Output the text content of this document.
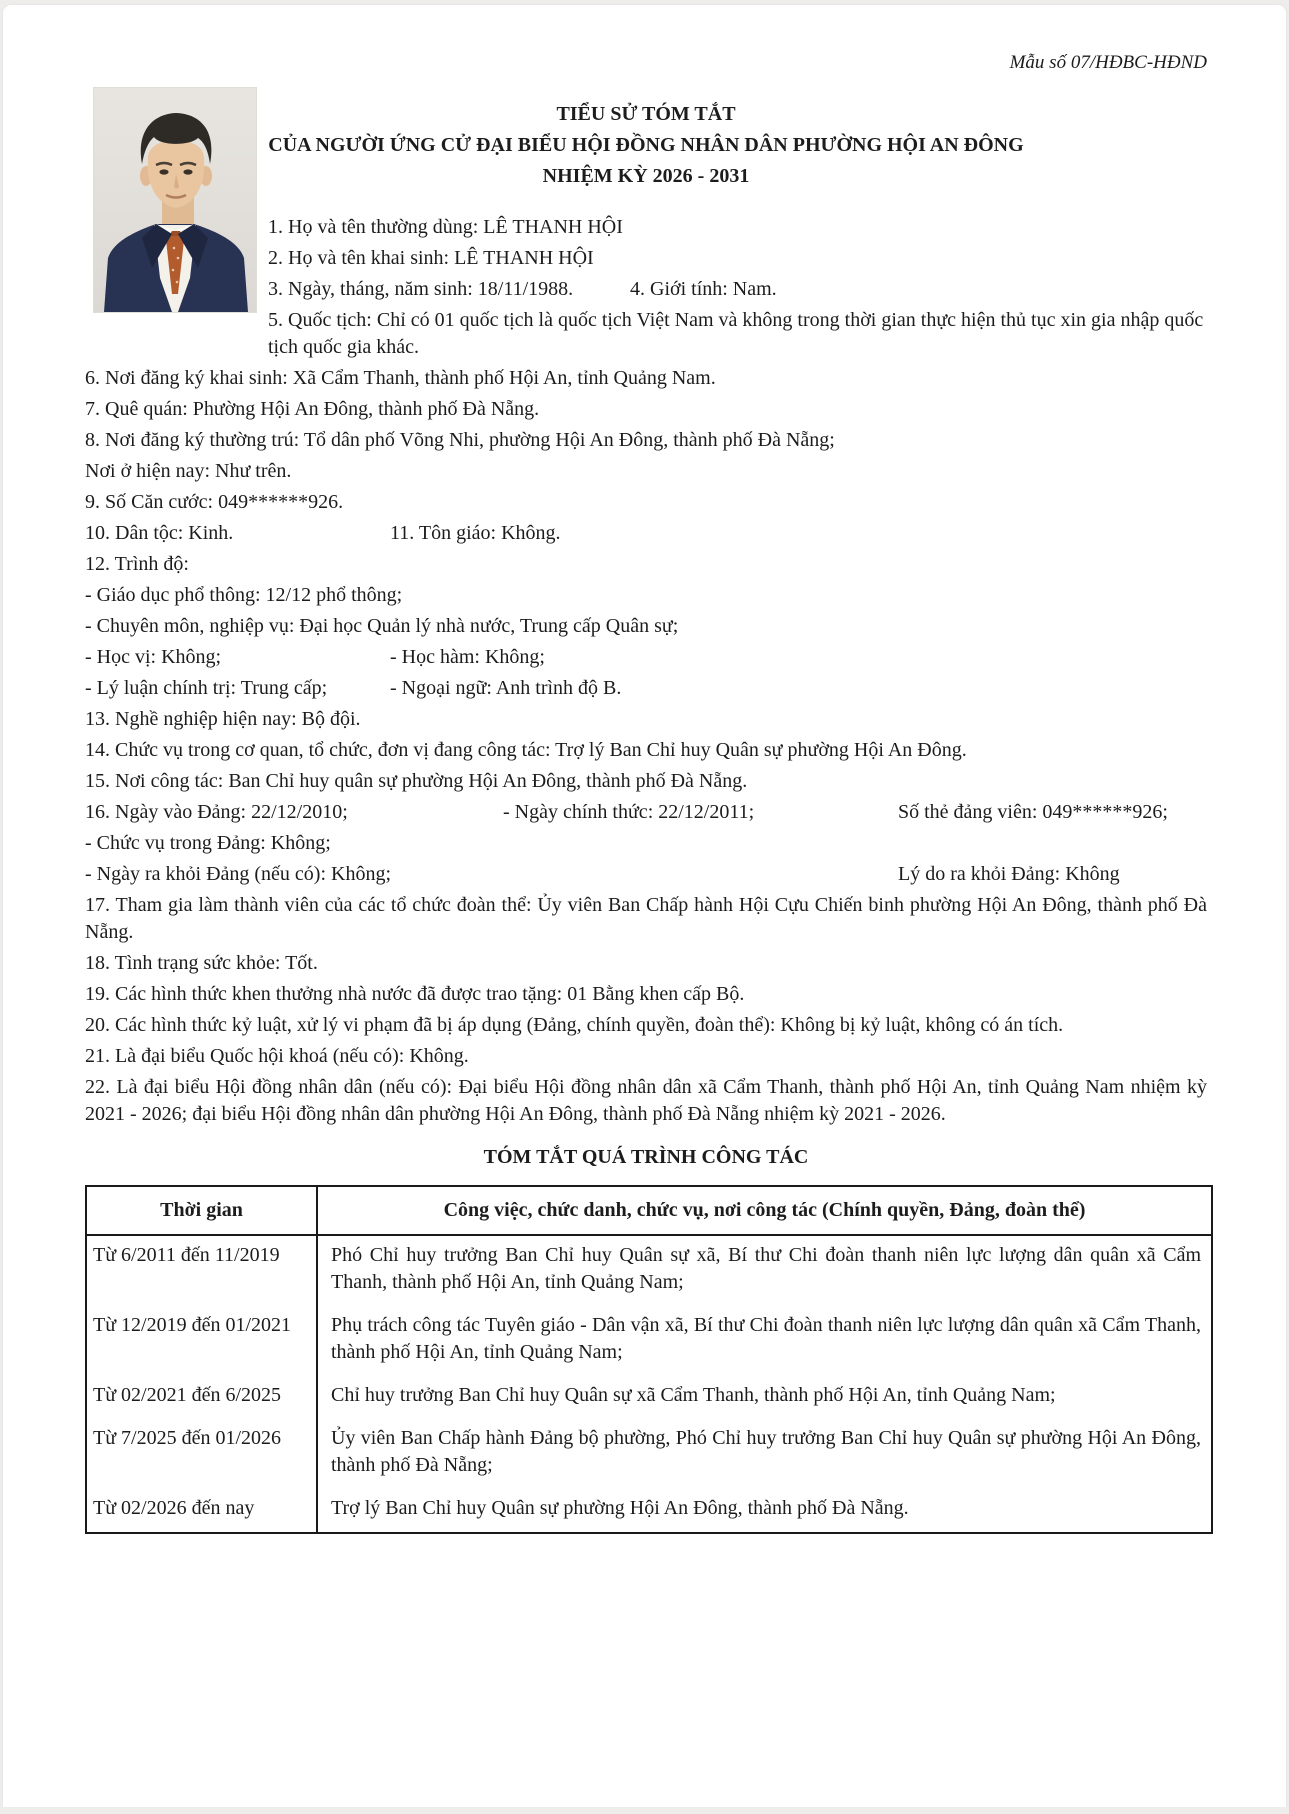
Mẫu số 07/HĐBC-HĐND
TIỂU SỬ TÓM TẮT
CỦA NGƯỜI ỨNG CỬ ĐẠI BIỂU HỘI ĐỒNG NHÂN DÂN PHƯỜNG HỘI AN ĐÔNG
NHIỆM KỲ 2026 - 2031

1. Họ và tên thường dùng: LÊ THANH HỘI

2. Họ và tên khai sinh: LÊ THANH HỘI

3. Ngày, tháng, năm sinh: 18/11/1988.	4. Giới tính: Nam.

5. Quốc tịch: Chỉ có 01 quốc tịch là quốc tịch Việt Nam và không trong thời gian thực hiện thủ tục xin gia nhập quốc tịch quốc gia khác.

6. Nơi đăng ký khai sinh: Xã Cẩm Thanh, thành phố Hội An, tỉnh Quảng Nam.

7. Quê quán: Phường Hội An Đông, thành phố Đà Nẵng.

8. Nơi đăng ký thường trú: Tổ dân phố Võng Nhi, phường Hội An Đông, thành phố Đà Nẵng;

Nơi ở hiện nay: Như trên.

9. Số Căn cước: 049******926.

10. Dân tộc: Kinh.	11. Tôn giáo: Không.

12. Trình độ:

- Giáo dục phổ thông: 12/12 phổ thông;

- Chuyên môn, nghiệp vụ: Đại học Quản lý nhà nước, Trung cấp Quân sự;

- Học vị: Không;	- Học hàm: Không;

- Lý luận chính trị: Trung cấp;	- Ngoại ngữ: Anh trình độ B.

13. Nghề nghiệp hiện nay: Bộ đội.

14. Chức vụ trong cơ quan, tổ chức, đơn vị đang công tác: Trợ lý Ban Chỉ huy Quân sự phường Hội An Đông.

15. Nơi công tác: Ban Chỉ huy quân sự phường Hội An Đông, thành phố Đà Nẵng.

16. Ngày vào Đảng: 22/12/2010;	- Ngày chính thức: 22/12/2011;	Số thẻ đảng viên: 049******926;

- Chức vụ trong Đảng: Không;

- Ngày ra khỏi Đảng (nếu có): Không;	Lý do ra khỏi Đảng: Không

17. Tham gia làm thành viên của các tổ chức đoàn thể: Ủy viên Ban Chấp hành Hội Cựu Chiến binh phường Hội An Đông, thành phố Đà Nẵng.

18. Tình trạng sức khỏe: Tốt.

19. Các hình thức khen thưởng nhà nước đã được trao tặng: 01 Bằng khen cấp Bộ.

20. Các hình thức kỷ luật, xử lý vi phạm đã bị áp dụng (Đảng, chính quyền, đoàn thể): Không bị kỷ luật, không có án tích.

21. Là đại biểu Quốc hội khoá (nếu có): Không.

22. Là đại biểu Hội đồng nhân dân (nếu có): Đại biểu Hội đồng nhân dân xã Cẩm Thanh, thành phố Hội An, tỉnh Quảng Nam nhiệm kỳ 2021 - 2026; đại biểu Hội đồng nhân dân phường Hội An Đông, thành phố Đà Nẵng nhiệm kỳ 2021 - 2026.

TÓM TẮT QUÁ TRÌNH CÔNG TÁC
Thời gian	Công việc, chức danh, chức vụ, nơi công tác (Chính quyền, Đảng, đoàn thể)
Từ 6/2011 đến 11/2019	Phó Chỉ huy trưởng Ban Chỉ huy Quân sự xã, Bí thư Chi đoàn thanh niên lực lượng dân quân xã Cẩm Thanh, thành phố Hội An, tỉnh Quảng Nam;
Từ 12/2019 đến 01/2021	Phụ trách công tác Tuyên giáo - Dân vận xã, Bí thư Chi đoàn thanh niên lực lượng dân quân xã Cẩm Thanh, thành phố Hội An, tỉnh Quảng Nam;
Từ 02/2021 đến 6/2025	Chỉ huy trưởng Ban Chỉ huy Quân sự xã Cẩm Thanh, thành phố Hội An, tỉnh Quảng Nam;
Từ 7/2025 đến 01/2026	Ủy viên Ban Chấp hành Đảng bộ phường, Phó Chỉ huy trưởng Ban Chỉ huy Quân sự phường Hội An Đông, thành phố Đà Nẵng;
Từ 02/2026 đến nay	Trợ lý Ban Chỉ huy Quân sự phường Hội An Đông, thành phố Đà Nẵng.
